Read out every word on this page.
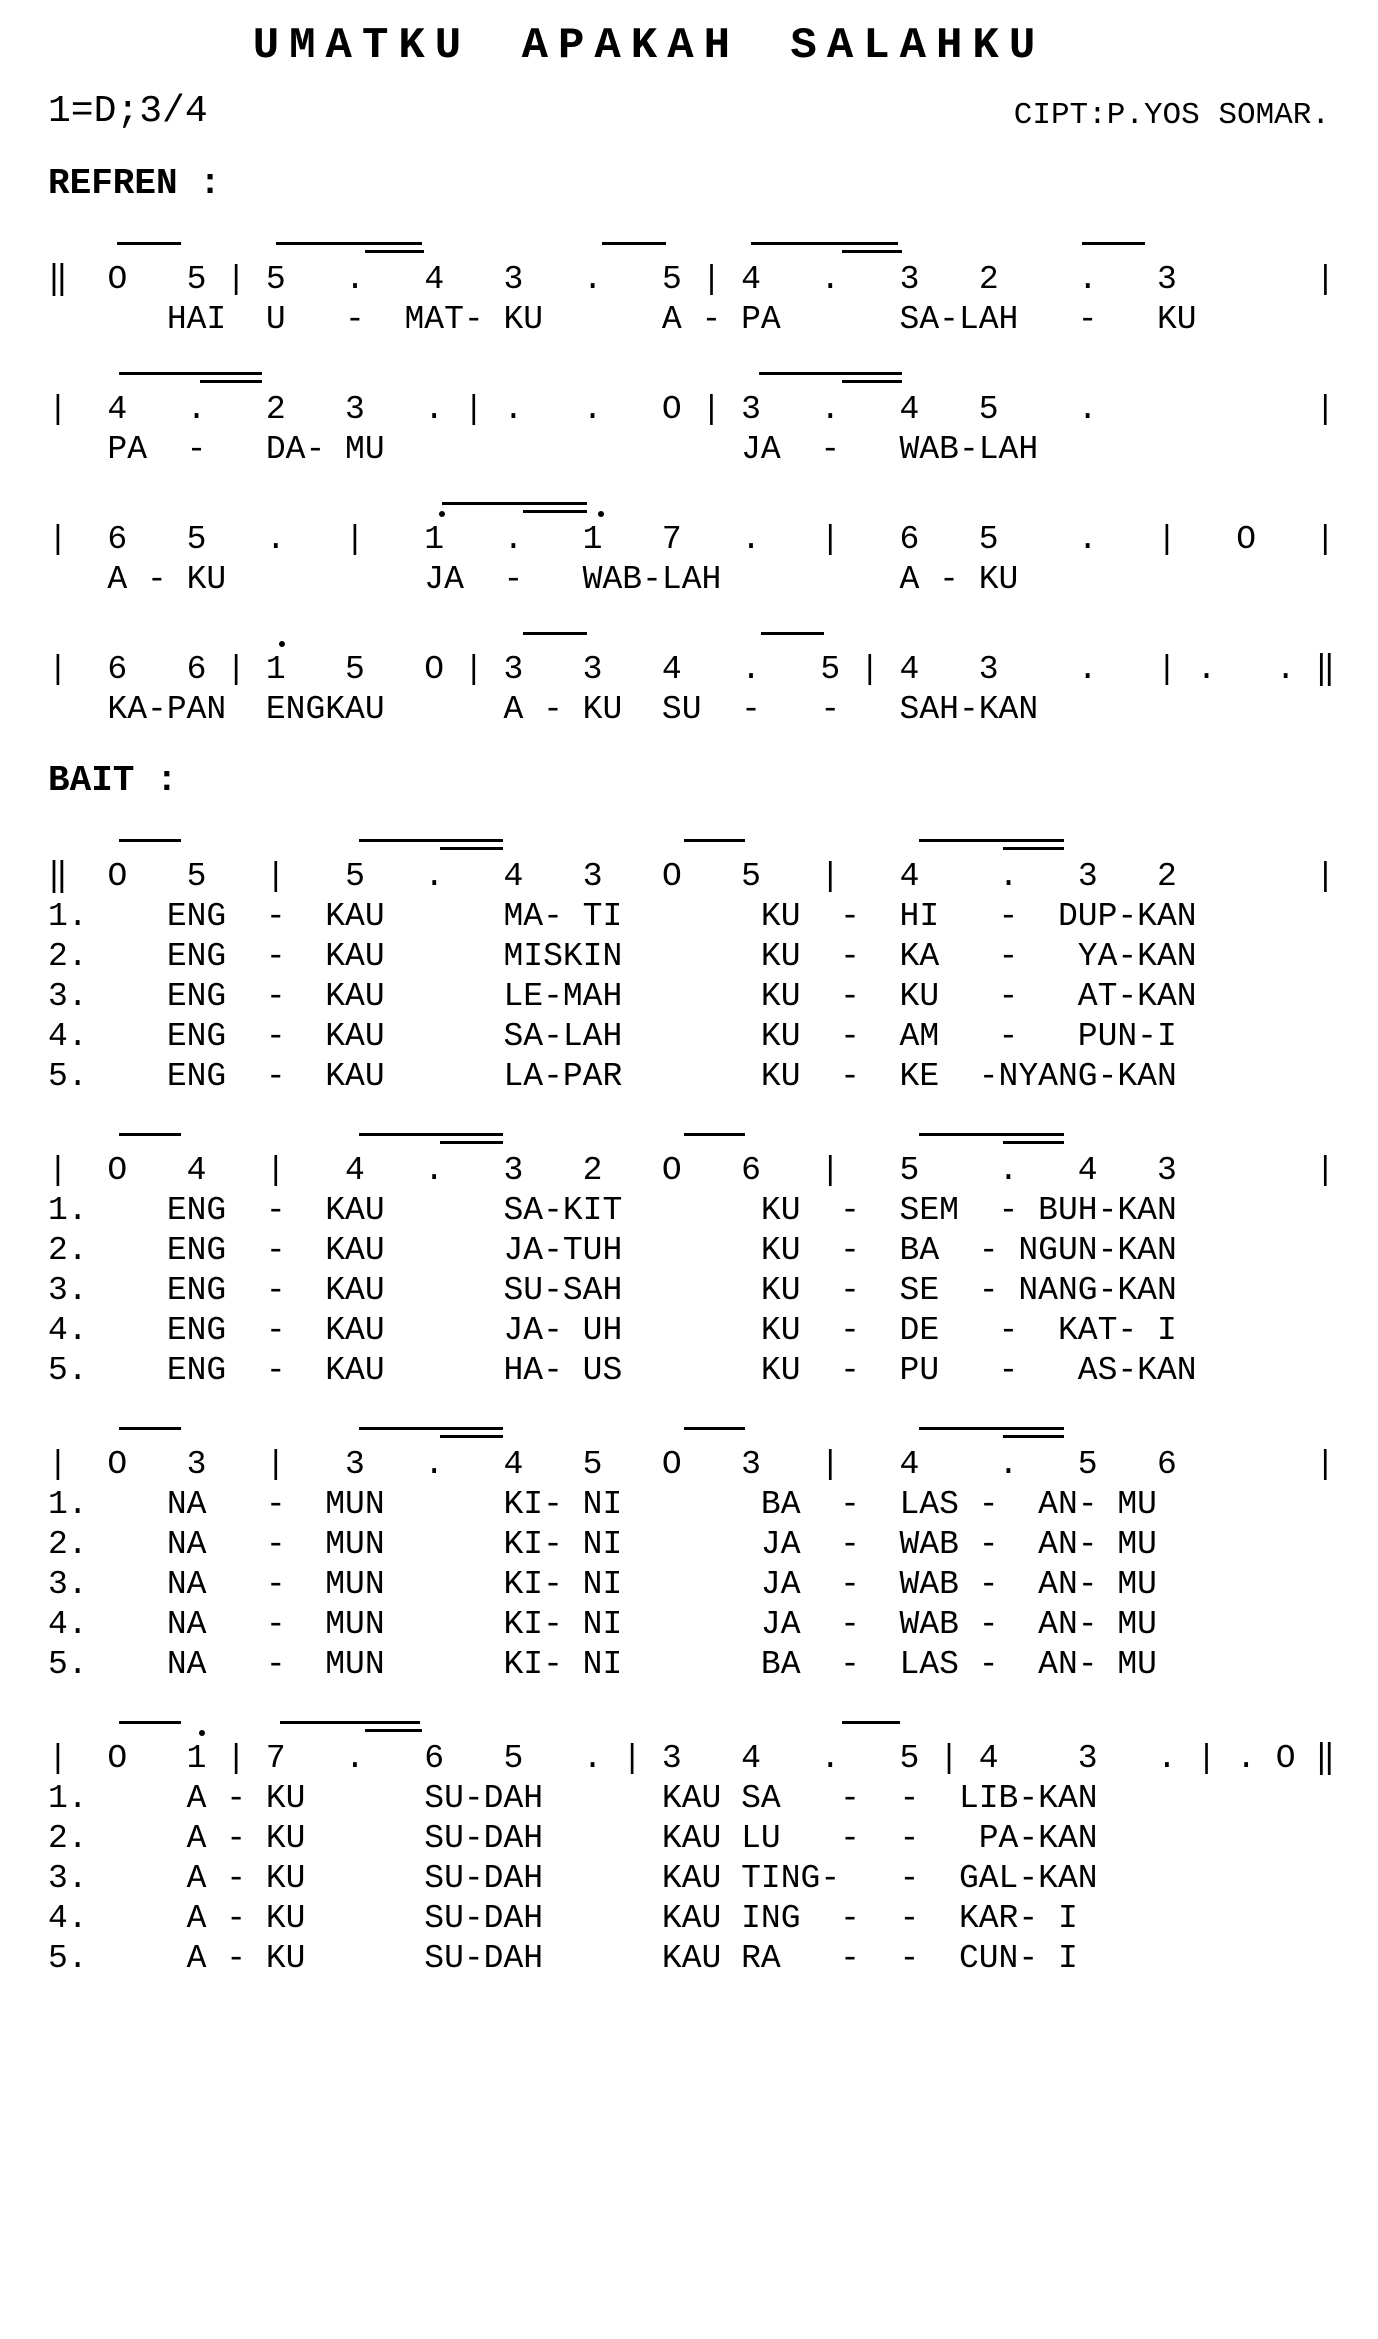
UMATKU APAKAH SALAHKU
1=D;3/4	CIPT:P.YOS SOMAR.
REFREN :
‖  O   5 | 5   .   4   3   .   5 | 4   .   3   2    .   3       |
HAI  U   -  MAT- KU      A - PA      SA-LAH   -   KU
|  4   .   2   3   . | .   .   O | 3   .   4   5    .           |
PA  -   DA- MU                  JA  -   WAB-LAH
|  6   5   .   |   1   .   1   7   .   |   6   5    .   |   O   |
A - KU          JA  -   WAB-LAH         A - KU
|  6   6 | 1   5   O | 3   3   4   .   5 | 4   3    .   | .   . ‖
KA-PAN  ENGKAU      A - KU  SU  -   -   SAH-KAN
BAIT :
‖  O   5   |   5   .   4   3   O   5   |   4    .   3   2       |
1.    ENG  -  KAU      MA- TI       KU  -  HI   -  DUP-KAN
2.    ENG  -  KAU      MISKIN       KU  -  KA   -   YA-KAN
3.    ENG  -  KAU      LE-MAH       KU  -  KU   -   AT-KAN
4.    ENG  -  KAU      SA-LAH       KU  -  AM   -   PUN-I
5.    ENG  -  KAU      LA-PAR       KU  -  KE  -NYANG-KAN
|  O   4   |   4   .   3   2   O   6   |   5    .   4   3       |
1.    ENG  -  KAU      SA-KIT       KU  -  SEM  - BUH-KAN
2.    ENG  -  KAU      JA-TUH       KU  -  BA  - NGUN-KAN
3.    ENG  -  KAU      SU-SAH       KU  -  SE  - NANG-KAN
4.    ENG  -  KAU      JA- UH       KU  -  DE   -  KAT- I
5.    ENG  -  KAU      HA- US       KU  -  PU   -   AS-KAN
|  O   3   |   3   .   4   5   O   3   |   4    .   5   6       |
1.    NA   -  MUN      KI- NI       BA  -  LAS -  AN- MU
2.    NA   -  MUN      KI- NI       JA  -  WAB -  AN- MU
3.    NA   -  MUN      KI- NI       JA  -  WAB -  AN- MU
4.    NA   -  MUN      KI- NI       JA  -  WAB -  AN- MU
5.    NA   -  MUN      KI- NI       BA  -  LAS -  AN- MU
|  O   1 | 7   .   6   5   . | 3   4   .   5 | 4    3   . | . O ‖
1.     A - KU      SU-DAH      KAU SA   -  -  LIB-KAN
2.     A - KU      SU-DAH      KAU LU   -  -   PA-KAN
3.     A - KU      SU-DAH      KAU TING-   -  GAL-KAN
4.     A - KU      SU-DAH      KAU ING  -  -  KAR- I
5.     A - KU      SU-DAH      KAU RA   -  -  CUN- I
